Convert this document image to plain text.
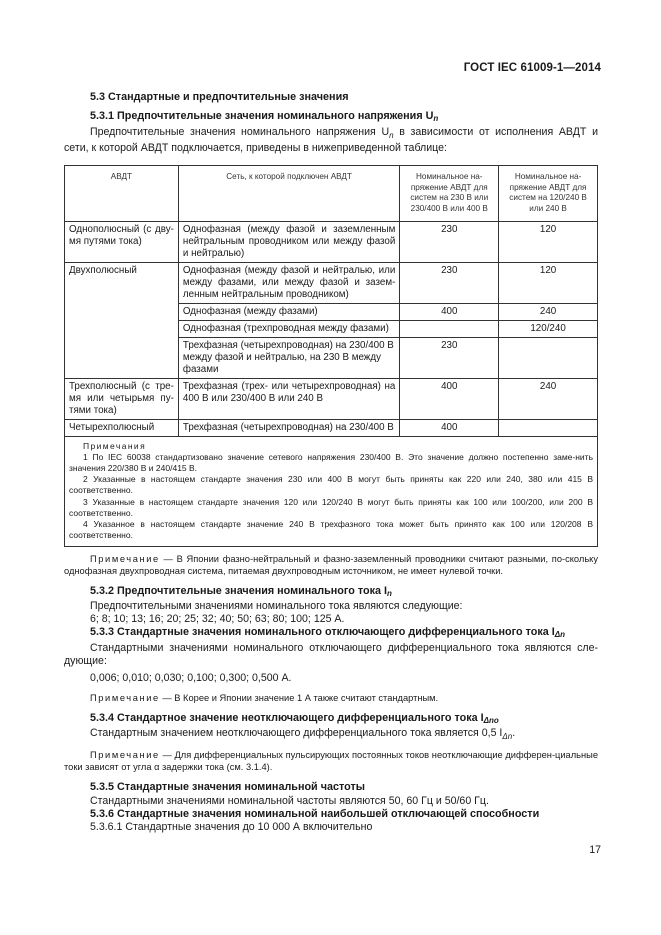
ГОСТ IEC 61009-1—2014
5.3 Стандартные и предпочтительные значения
5.3.1 Предпочтительные значения номинального напряжения $U_n$

Предпочтительные значения номинального напряжения $U_n$ в зависимости от исполнения АВДТ и сети, к которой АВДТ подключается, приведены в нижеприведенной таблице:

АВДТ	Сеть, к которой подключен АВДТ	Номинальное на-пряжение АВДТ для систем на 230 В или 230/400 В или 400 В	Номинальное на-пряжение АВДТ для систем на 120/240 В или 240 В
Однополюсный (с дву-мя путями тока)	Однофазная (между фазой и заземленным нейтральным проводником или между фазой и нейтралью)	230	120
Двухполюсный	Однофазная (между фазой и нейтралью, или между фазами, или между фазой и зазем-ленным нейтральным проводником)	230	120
	Однофазная (между фазами)	400	240
	Однофазная (трехпроводная между фазами)		120/240
	Трехфазная (четырехпроводная) на 230/400 В между фазой и нейтралью, на 230 В между фазами	230	
Трехполюсный (с тре-мя или четырьмя пу-тями тока)	Трехфазная (трех- или четырехпроводная) на 400 В или 230/400 В или 240 В	400	240
Четырехполюсный	Трехфазная (четырехпроводная) на 230/400 В	400	

Примечания

1 По IEC 60038 стандартизовано значение сетевого напряжения 230/400 В. Это значение должно постепенно заме-нить значения 220/380 В и 240/415 В.

2 Указанные в настоящем стандарте значения 230 или 400 В могут быть приняты как 220 или 240, 380 или 415 В соответственно.

3 Указанные в настоящем стандарте значения 120 или 120/240 В могут быть приняты как 100 или 100/200, или 200 В соответственно.

4 Указанное в настоящем стандарте значение 240 В трехфазного тока может быть принято как 100 или 120/208 В соответственно.			

Примечание — В Японии фазно-нейтральный и фазно-заземленный проводники считают разными, по-скольку однофазная двухпроводная система, питаемая двухпроводным источником, не имеет нулевой точки.

5.3.2 Предпочтительные значения номинального тока $I_n$

Предпочтительными значениями номинального тока являются следующие:

6; 8; 10; 13; 16; 20; 25; 32; 40; 50; 63; 80; 100; 125 А.

5.3.3 Стандартные значения номинального отключающего дифференциального тока $I_{\Delta n}$

Стандартными значениями номинального отключающего дифференциального тока являются сле-дующие:

0,006; 0,010; 0,030; 0,100; 0,300; 0,500 А.

Примечание — В Корее и Японии значение 1 А также считают стандартным.

5.3.4 Стандартное значение неотключающего дифференциального тока $I_{\Delta no}$

Стандартным значением неотключающего дифференциального тока является 0,5 $I_{\Delta n}$.

Примечание — Для дифференциальных пульсирующих постоянных токов неотключающие дифферен-циальные токи зависят от угла α задержки тока (см. 3.1.4).

5.3.5 Стандартные значения номинальной частоты

Стандартными значениями номинальной частоты являются 50, 60 Гц и 50/60 Гц.

5.3.6 Стандартные значения номинальной наибольшей отключающей способности

5.3.6.1 Стандартные значения до 10 000 А включительно

17
